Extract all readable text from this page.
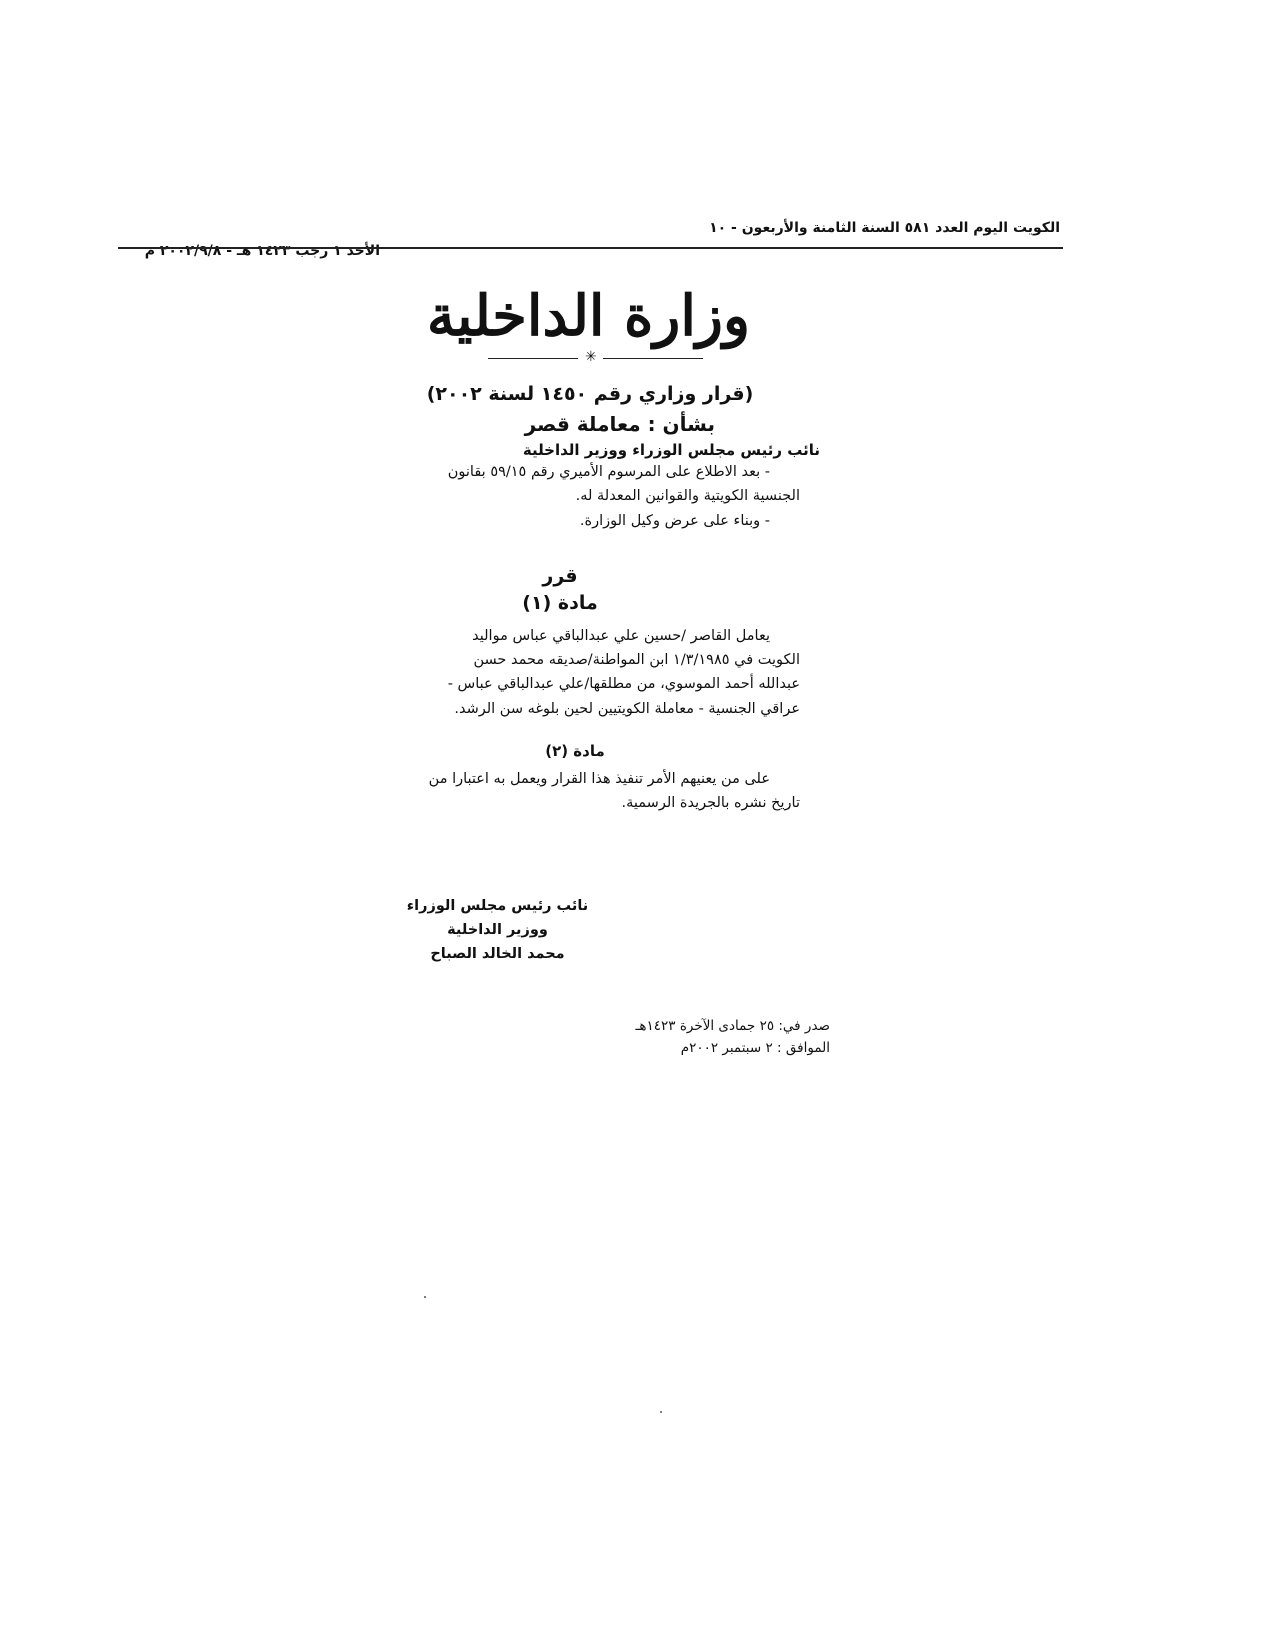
الكويت اليوم العدد ٥٨١ السنة الثامنة والأربعون - ١٠
الأحد ١ رجب ١٤٢٣ هـ - ٢٠٠٢/٩/٨ م
وزارة الداخلية
✳
(قرار وزاري رقم ١٤٥٠ لسنة ٢٠٠٢)
بشأن : معاملة قصر
نائب رئيس مجلس الوزراء ووزير الداخلية
- بعد الاطلاع على المرسوم الأميري رقم ٥٩/١٥ بقانون
الجنسية الكويتية والقوانين المعدلة له.
- وبناء على عرض وكيل الوزارة.
قرر
مادة (١)
يعامل القاصر /حسين علي عبدالباقي عباس مواليد
الكويت في ١/٣/١٩٨٥ ابن المواطنة/صديقه محمد حسن
عبدالله أحمد الموسوي، من مطلقها/علي عبدالباقي عباس -
عراقي الجنسية - معاملة الكويتيين لحين بلوغه سن الرشد.
مادة (٢)
على من يعنيهم الأمر تنفيذ هذا القرار ويعمل به اعتبارا من
تاريخ نشره بالجريدة الرسمية.
نائب رئيس مجلس الوزراء
ووزير الداخلية
محمد الخالد الصباح
صدر في: ٢٥ جمادى الآخرة ١٤٢٣هـ
الموافق : ٢ سبتمبر ٢٠٠٢م
